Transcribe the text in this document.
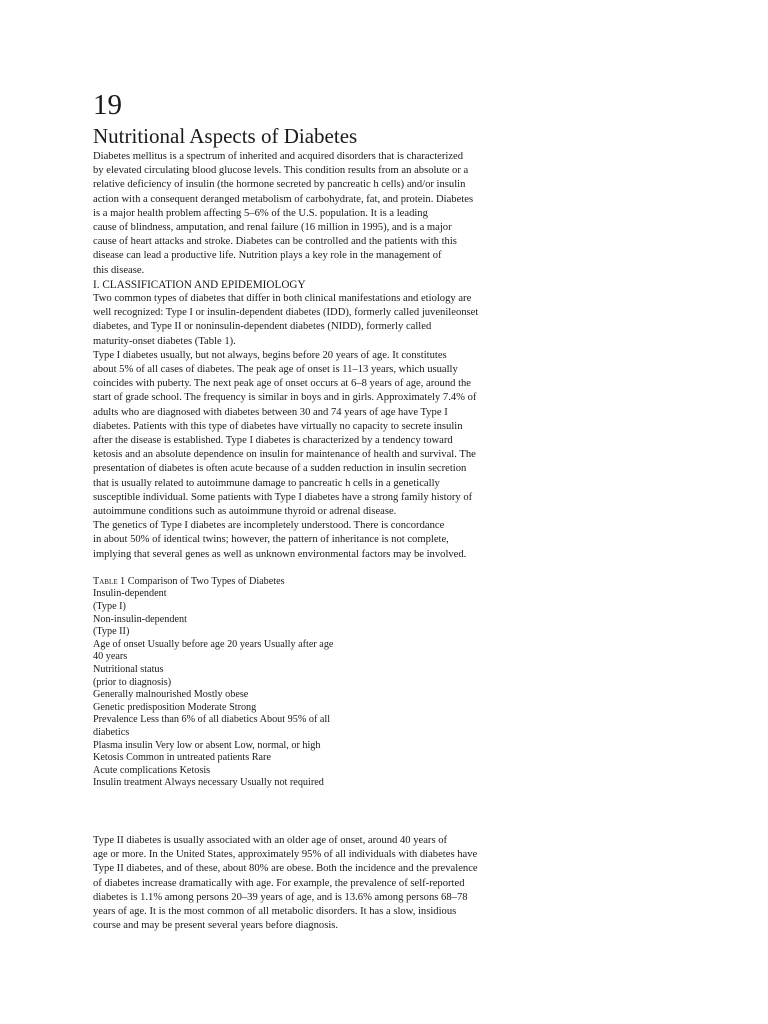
19
Nutritional Aspects of Diabetes

Diabetes mellitus is a spectrum of inherited and acquired disorders that is characterized
by elevated circulating blood glucose levels. This condition results from an absolute or a
relative deficiency of insulin (the hormone secreted by pancreatic h cells) and/or insulin
action with a consequent deranged metabolism of carbohydrate, fat, and protein. Diabetes
is a major health problem affecting 5–6% of the U.S. population. It is a leading
cause of blindness, amputation, and renal failure (16 million in 1995), and is a major
cause of heart attacks and stroke. Diabetes can be controlled and the patients with this
disease can lead a productive life. Nutrition plays a key role in the management of
this disease.

I. CLASSIFICATION AND EPIDEMIOLOGY

Two common types of diabetes that differ in both clinical manifestations and etiology are
well recognized: Type I or insulin-dependent diabetes (IDD), formerly called juvenileonset
diabetes, and Type II or noninsulin-dependent diabetes (NIDD), formerly called
maturity-onset diabetes (Table 1).

Type I diabetes usually, but not always, begins before 20 years of age. It constitutes
about 5% of all cases of diabetes. The peak age of onset is 11–13 years, which usually
coincides with puberty. The next peak age of onset occurs at 6–8 years of age, around the
start of grade school. The frequency is similar in boys and in girls. Approximately 7.4% of
adults who are diagnosed with diabetes between 30 and 74 years of age have Type I
diabetes. Patients with this type of diabetes have virtually no capacity to secrete insulin
after the disease is established. Type I diabetes is characterized by a tendency toward
ketosis and an absolute dependence on insulin for maintenance of health and survival. The
presentation of diabetes is often acute because of a sudden reduction in insulin secretion
that is usually related to autoimmune damage to pancreatic h cells in a genetically
susceptible individual. Some patients with Type I diabetes have a strong family history of
autoimmune conditions such as autoimmune thyroid or adrenal disease.

The genetics of Type I diabetes are incompletely understood. There is concordance
in about 50% of identical twins; however, the pattern of inheritance is not complete,
implying that several genes as well as unknown environmental factors may be involved.

Table 1 Comparison of Two Types of Diabetes
Insulin-dependent
(Type I)
Non-insulin-dependent
(Type II)
Age of onset Usually before age 20 years Usually after age
40 years
Nutritional status
(prior to diagnosis)
Generally malnourished Mostly obese
Genetic predisposition Moderate Strong
Prevalence Less than 6% of all diabetics About 95% of all
diabetics
Plasma insulin Very low or absent Low, normal, or high
Ketosis Common in untreated patients Rare
Acute complications Ketosis
Insulin treatment Always necessary Usually not required

Type II diabetes is usually associated with an older age of onset, around 40 years of
age or more. In the United States, approximately 95% of all individuals with diabetes have
Type II diabetes, and of these, about 80% are obese. Both the incidence and the prevalence
of diabetes increase dramatically with age. For example, the prevalence of self-reported
diabetes is 1.1% among persons 20–39 years of age, and is 13.6% among persons 68–78
years of age. It is the most common of all metabolic disorders. It has a slow, insidious
course and may be present several years before diagnosis.
